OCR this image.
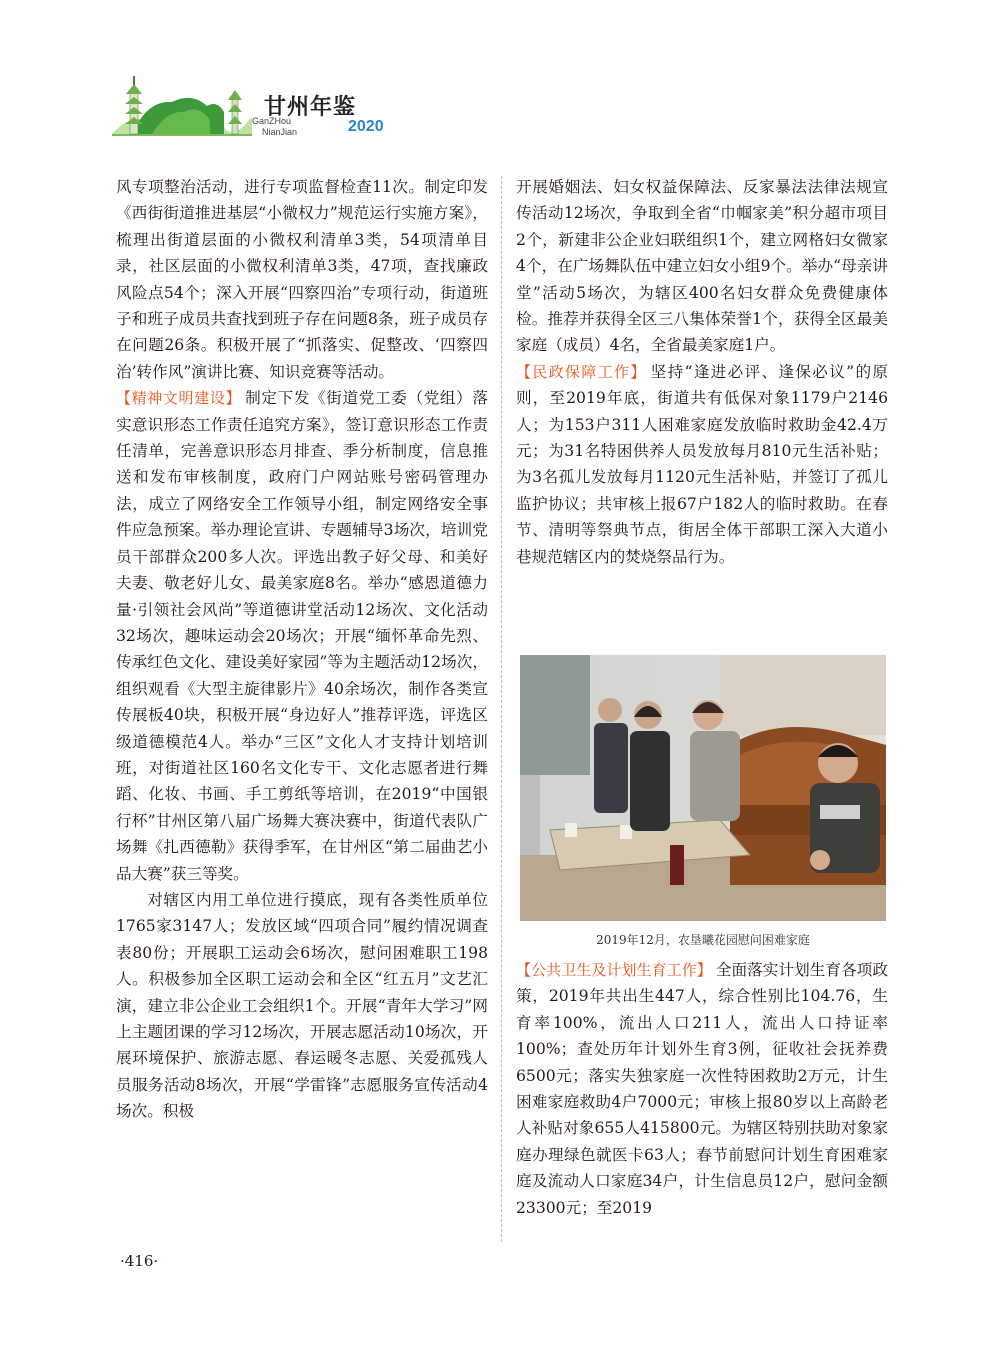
甘州年鉴
GanZHou
NianJian	2020

风专项整治活动，进行专项监督检查11次。制定印发《西街街道推进基层“小微权力”规范运行实施方案》，梳理出街道层面的小微权利清单3类，54项清单目录，社区层面的小微权利清单3类，47项，查找廉政风险点54个；深入开展“四察四治”专项行动，街道班子和班子成员共查找到班子存在问题8条，班子成员存在问题26条。积极开展了“抓落实、促整改、‘四察四治’转作风”演讲比赛、知识竞赛等活动。

【精神文明建设】 制定下发《街道党工委（党组）落实意识形态工作责任追究方案》，签订意识形态工作责任清单，完善意识形态月排查、季分析制度，信息推送和发布审核制度，政府门户网站账号密码管理办法，成立了网络安全工作领导小组，制定网络安全事件应急预案。举办理论宣讲、专题辅导3场次，培训党员干部群众200多人次。评选出教子好父母、和美好夫妻、敬老好儿女、最美家庭8名。举办“感恩道德力量·引领社会风尚”等道德讲堂活动12场次、文化活动32场次，趣味运动会20场次；开展“缅怀革命先烈、传承红色文化、建设美好家园”等为主题活动12场次，组织观看《大型主旋律影片》40余场次，制作各类宣传展板40块，积极开展“身边好人”推荐评选，评选区级道德模范4人。举办“三区”文化人才支持计划培训班，对街道社区160名文化专干、文化志愿者进行舞蹈、化妆、书画、手工剪纸等培训，在2019“中国银行杯”甘州区第八届广场舞大赛决赛中，街道代表队广场舞《扎西德勒》获得季军，在甘州区“第二届曲艺小品大赛”获三等奖。

对辖区内用工单位进行摸底，现有各类性质单位1765家3147人；发放区域“四项合同”履约情况调查表80份；开展职工运动会6场次，慰问困难职工198人。积极参加全区职工运动会和全区“红五月”文艺汇演，建立非公企业工会组织1个。开展“青年大学习”网上主题团课的学习12场次，开展志愿活动10场次，开展环境保护、旅游志愿、春运暖冬志愿、关爱孤残人员服务活动8场次，开展“学雷锋”志愿服务宣传活动4场次。积极

开展婚姻法、妇女权益保障法、反家暴法法律法规宣传活动12场次，争取到全省“巾帼家美”积分超市项目2个，新建非公企业妇联组织1个，建立网格妇女微家4个，在广场舞队伍中建立妇女小组9个。举办“母亲讲堂”活动5场次，为辖区400名妇女群众免费健康体检。推荐并获得全区三八集体荣誉1个，获得全区最美家庭（成员）4名，全省最美家庭1户。

【民政保障工作】 坚持“逢进必评、逢保必议”的原则，至2019年底，街道共有低保对象1179户2146人；为153户311人困难家庭发放临时救助金42.4万元；为31名特困供养人员发放每月810元生活补贴；为3名孤儿发放每月1120元生活补贴，并签订了孤儿监护协议；共审核上报67户182人的临时救助。在春节、清明等祭典节点，街居全体干部职工深入大道小巷规范辖区内的焚烧祭品行为。

2019年12月，农垦曦花园慰问困难家庭

【公共卫生及计划生育工作】 全面落实计划生育各项政策，2019年共出生447人，综合性别比104.76，生育率100%，流出人口211人，流出人口持证率100%；查处历年计划外生育3例，征收社会抚养费6500元；落实失独家庭一次性特困救助2万元，计生困难家庭救助4户7000元；审核上报80岁以上高龄老人补贴对象655人415800元。为辖区特别扶助对象家庭办理绿色就医卡63人；春节前慰问计划生育困难家庭及流动人口家庭34户，计生信息员12户，慰问金额23300元；至2019

·416·
